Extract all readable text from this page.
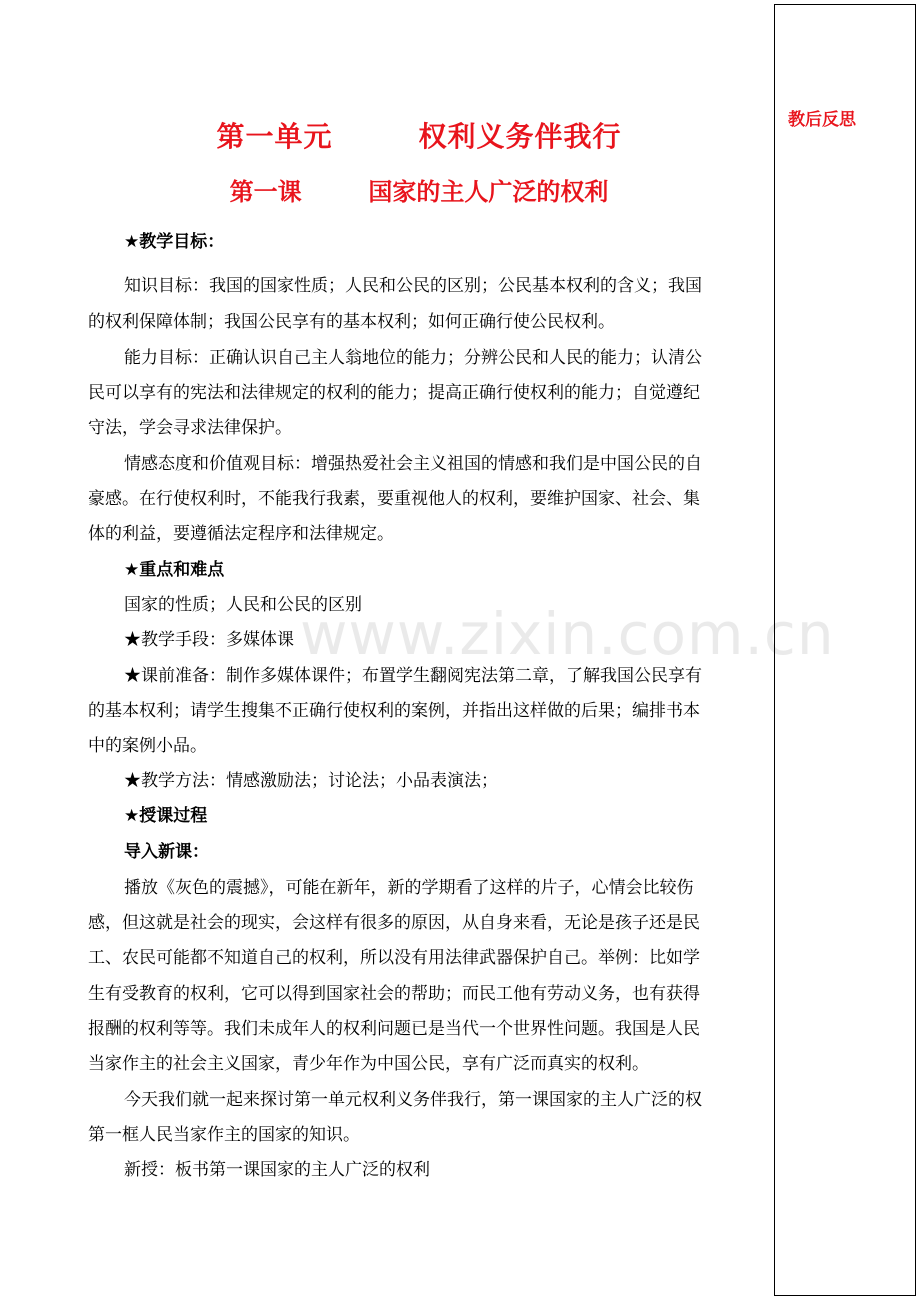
www.zixin.com.cn
教后反思
第一单元        权利义务伴我行
第一课        国家的主人广泛的权利
★教学目标：
知识目标：我国的国家性质；人民和公民的区别；公民基本权利的含义；我国
的权利保障体制；我国公民享有的基本权利；如何正确行使公民权利。
能力目标：正确认识自己主人翁地位的能力；分辨公民和人民的能力；认清公
民可以享有的宪法和法律规定的权利的能力；提高正确行使权利的能力；自觉遵纪
守法，学会寻求法律保护。
情感态度和价值观目标：增强热爱社会主义祖国的情感和我们是中国公民的自
豪感。在行使权利时，不能我行我素，要重视他人的权利，要维护国家、社会、集
体的利益，要遵循法定程序和法律规定。
★重点和难点
国家的性质；人民和公民的区别
★教学手段：多媒体课
★课前准备：制作多媒体课件；布置学生翻阅宪法第二章，了解我国公民享有
的基本权利；请学生搜集不正确行使权利的案例，并指出这样做的后果；编排书本
中的案例小品。
★教学方法：情感激励法；讨论法；小品表演法；
★授课过程
导入新课：
播放《灰色的震撼》，可能在新年，新的学期看了这样的片子，心情会比较伤
感，但这就是社会的现实，会这样有很多的原因，从自身来看，无论是孩子还是民
工、农民可能都不知道自己的权利，所以没有用法律武器保护自己。举例：比如学
生有受教育的权利，它可以得到国家社会的帮助；而民工他有劳动义务，也有获得
报酬的权利等等。我们未成年人的权利问题已是当代一个世界性问题。我国是人民
当家作主的社会主义国家，青少年作为中国公民，享有广泛而真实的权利。
今天我们就一起来探讨第一单元权利义务伴我行，第一课国家的主人广泛的权
第一框人民当家作主的国家的知识。
新授：板书第一课国家的主人广泛的权利
